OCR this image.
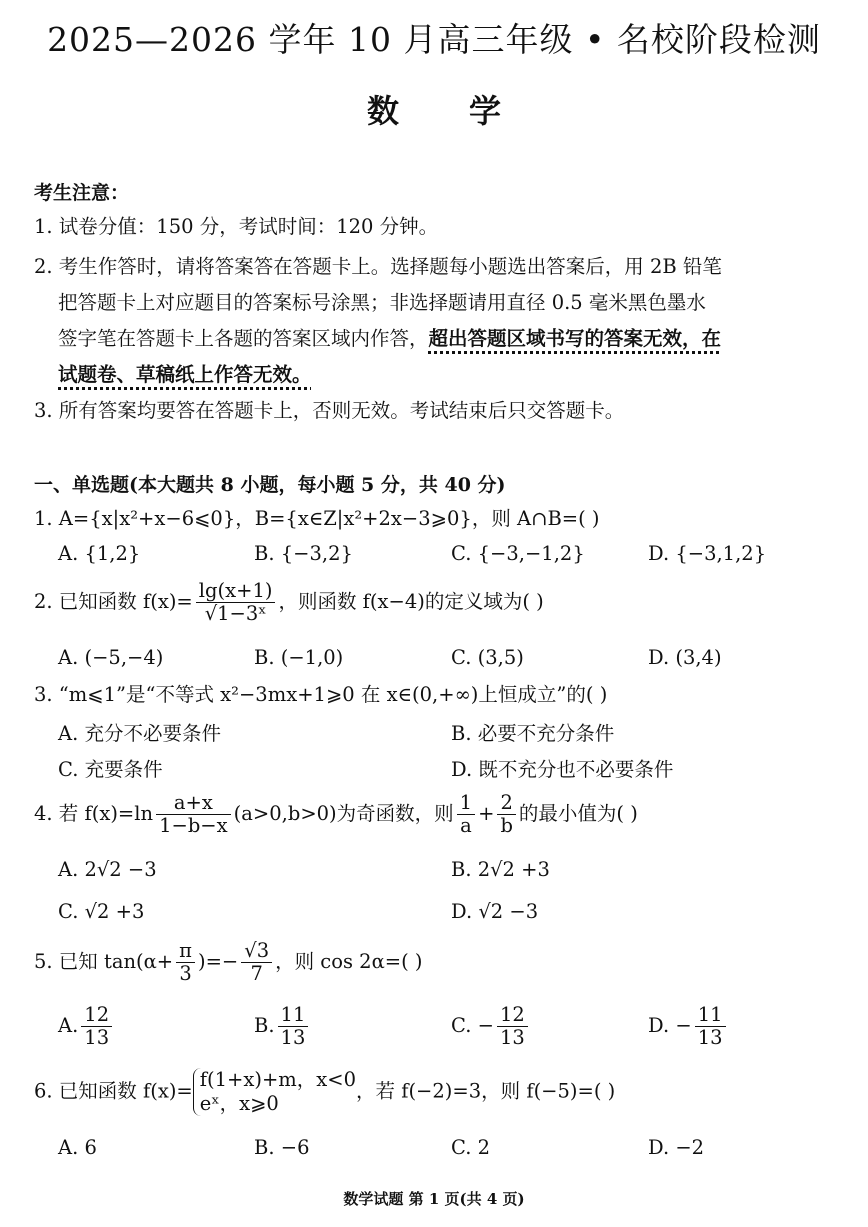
2025—2026 学年 10 月高三年级 • 名校阶段检测
数学
考生注意：
1. 试卷分值：150 分，考试时间：120 分钟。
2. 考生作答时，请将答案答在答题卡上。选择题每小题选出答案后，用 2B 铅笔
把答题卡上对应题目的答案标号涂黑；非选择题请用直径 0.5 毫米黑色墨水
签字笔在答题卡上各题的答案区域内作答，超出答题区域书写的答案无效，在
试题卷、草稿纸上作答无效。
3. 所有答案均要答在答题卡上，否则无效。考试结束后只交答题卡。
一、单选题(本大题共 8 小题，每小题 5 分，共 40 分)
1. A={x|x²+x−6⩽0}，B={x∈Z|x²+2x−3⩾0}，则 A∩B=( )
A. {1,2}	B. {−3,2}	C. {−3,−1,2}	D. {−3,1,2}
2. 已知函数 $f(x)= \frac{\lg(x+1)}{\text{√1−3ˣ}}$ ，则函数 f(x−4)的定义域为( )
A. (−5,−4)	B. (−1,0)	C. (3,5)	D. (3,4)
3. “m⩽1”是“不等式 x²−3mx+1⩾0 在 x∈(0,+∞)上恒成立”的( )
A. 充分不必要条件	B. 必要不充分条件
C. 充要条件	D. 既不充分也不必要条件
4. 若 $f(x)=\ln \frac{a+x}{1-b-x} (a>0,b>0)$为奇函数，则 $\frac{1}{a} + \frac{2}{b}$ 的最小值为( )
A. 2√2 −3	B. 2√2 +3
C. √2 +3	D. √2 −3
5. 已知 $\tan(\alpha+ \frac{\pi}{3}$ )=− $\frac{√3}{7}$ ，则 cos 2α=( )
A. $\frac{12}{13}$	B. $\frac{11}{13}$	C. − $\frac{12}{13}$	D. − $\frac{11}{13}$
6. 已知函数 f(x)= f(1+x)+m，x<0
eˣ，x⩾0
，若 f(−2)=3，则 f(−5)=( )
A. 6	B. −6	C. 2	D. −2
数学试题 第 1 页(共 4 页)
